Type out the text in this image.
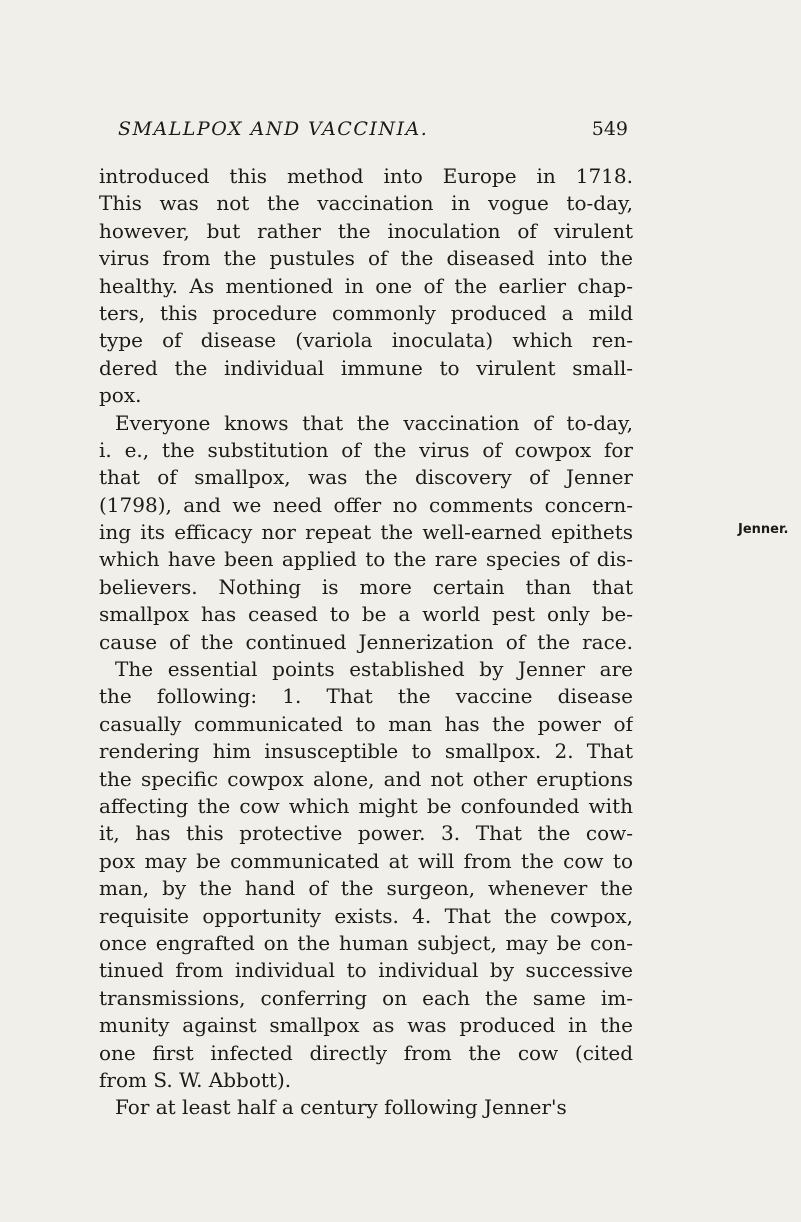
SMALLPOX AND VACCINIA.	549
Jenner.
introduced this method into Europe in 1718.
This was not the vaccination in vogue to-day,
however, but rather the inoculation of virulent
virus from the pustules of the diseased into the
healthy. As mentioned in one of the earlier chap-
ters, this procedure commonly produced a mild
type of disease (variola inoculata) which ren-
dered the individual immune to virulent small-
pox.
Everyone knows that the vaccination of to-day,
i. e., the substitution of the virus of cowpox for
that of smallpox, was the discovery of Jenner
(1798), and we need offer no comments concern-
ing its efficacy nor repeat the well-earned epithets
which have been applied to the rare species of dis-
believers. Nothing is more certain than that
smallpox has ceased to be a world pest only be-
cause of the continued Jennerization of the race.
The essential points established by Jenner are
the following: 1. That the vaccine disease
casually communicated to man has the power of
rendering him insusceptible to smallpox. 2. That
the specific cowpox alone, and not other eruptions
affecting the cow which might be confounded with
it, has this protective power. 3. That the cow-
pox may be communicated at will from the cow to
man, by the hand of the surgeon, whenever the
requisite opportunity exists. 4. That the cowpox,
once engrafted on the human subject, may be con-
tinued from individual to individual by successive
transmissions, conferring on each the same im-
munity against smallpox as was produced in the
one first infected directly from the cow (cited
from S. W. Abbott).
For at least half a century following Jenner's
